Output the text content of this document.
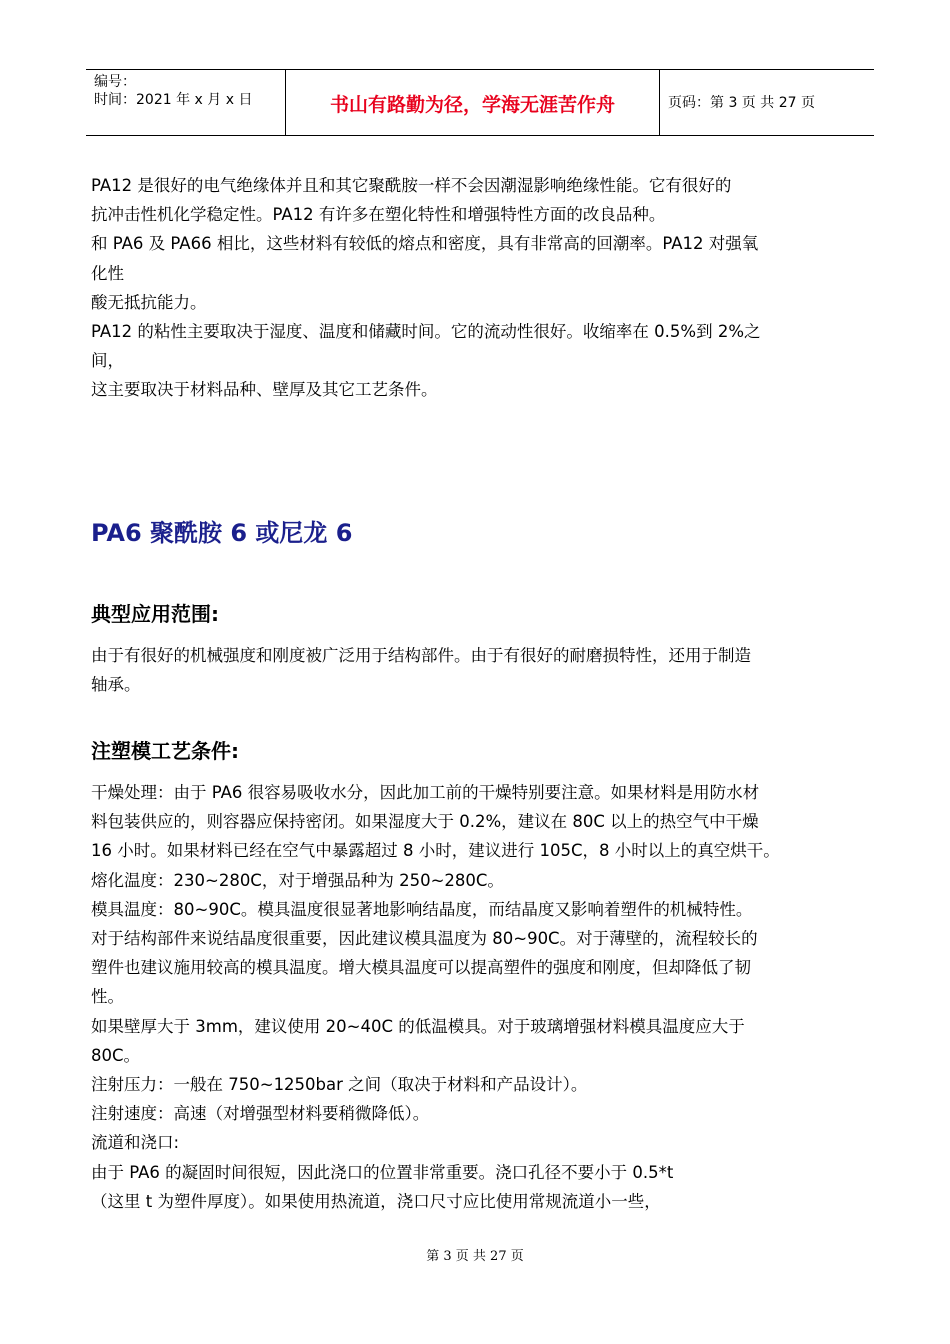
编号：
时间：2021 年 x 月 x 日	书山有路勤为径，学海无涯苦作舟	页码：第 3 页 共 27 页

PA12 是很好的电气绝缘体并且和其它聚酰胺一样不会因潮湿影响绝缘性能。它有很好的

抗冲击性机化学稳定性。PA12 有许多在塑化特性和增强特性方面的改良品种。

和 PA6 及 PA66 相比，这些材料有较低的熔点和密度，具有非常高的回潮率。PA12 对强氧

化性

酸无抵抗能力。

PA12 的粘性主要取决于湿度、温度和储藏时间。它的流动性很好。收缩率在 0.5%到 2%之

间，

这主要取决于材料品种、壁厚及其它工艺条件。

PA6 聚酰胺 6 或尼龙 6
典型应用范围:

由于有很好的机械强度和刚度被广泛用于结构部件。由于有很好的耐磨损特性，还用于制造

轴承。

注塑模工艺条件:

干燥处理：由于 PA6 很容易吸收水分，因此加工前的干燥特别要注意。如果材料是用防水材

料包装供应的，则容器应保持密闭。如果湿度大于 0.2%，建议在 80C 以上的热空气中干燥

16 小时。如果材料已经在空气中暴露超过 8 小时，建议进行 105C，8 小时以上的真空烘干。

熔化温度：230~280C，对于增强品种为 250~280C。

模具温度：80~90C。模具温度很显著地影响结晶度，而结晶度又影响着塑件的机械特性。

对于结构部件来说结晶度很重要，因此建议模具温度为 80~90C。对于薄壁的，流程较长的

塑件也建议施用较高的模具温度。增大模具温度可以提高塑件的强度和刚度，但却降低了韧

性。

如果壁厚大于 3mm，建议使用 20~40C 的低温模具。对于玻璃增强材料模具温度应大于

80C。

注射压力：一般在 750~1250bar 之间（取决于材料和产品设计）。

注射速度：高速（对增强型材料要稍微降低）。

流道和浇口:

由于 PA6 的凝固时间很短，因此浇口的位置非常重要。浇口孔径不要小于 0.5*t

（这里 t 为塑件厚度）。如果使用热流道，浇口尺寸应比使用常规流道小一些，

第 3 页 共 27 页
